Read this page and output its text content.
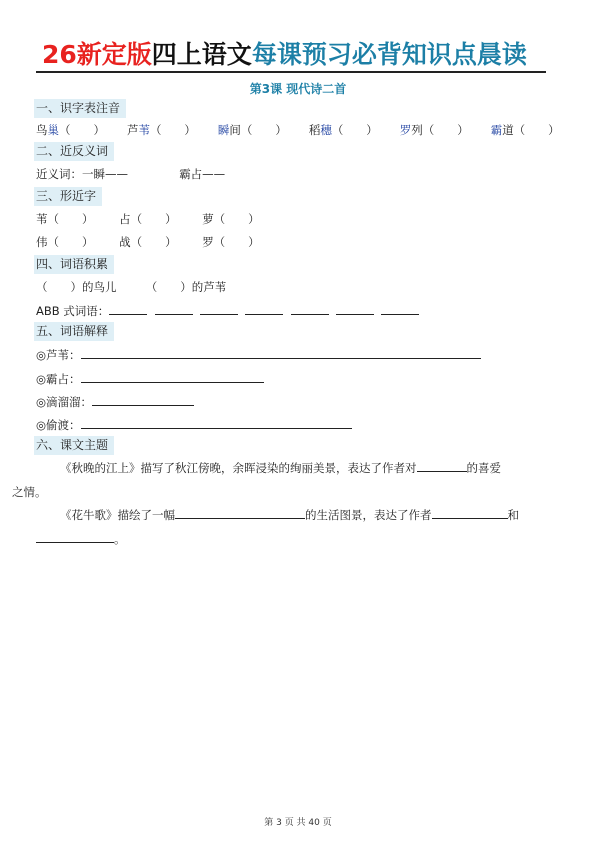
26新定版四上语文每课预习必背知识点晨读
第3课 现代诗二首
一、识字表注音
鸟巢（　　） 芦苇（　　） 瞬间（　　） 稻穗（　　） 罗列（　　） 霸道（　　）
二、近反义词
近义词：一瞬——	霸占——
三、形近字
苇（　　） 占（　　） 萝（　　）
伟（　　） 战（　　） 罗（　　）
四、词语积累
（　　）的鸟儿	（　　）的芦苇
ABB 式词语：
五、词语解释
◎芦苇：
◎霸占：
◎滴溜溜：
◎偷渡：
六、课文主题
《秋晚的江上》描写了秋江傍晚，余晖浸染的绚丽美景，表达了作者对	的喜爱
之情。
《花牛歌》描绘了一幅	的生活图景，表达了作者	和
。
第 3 页 共 40 页
